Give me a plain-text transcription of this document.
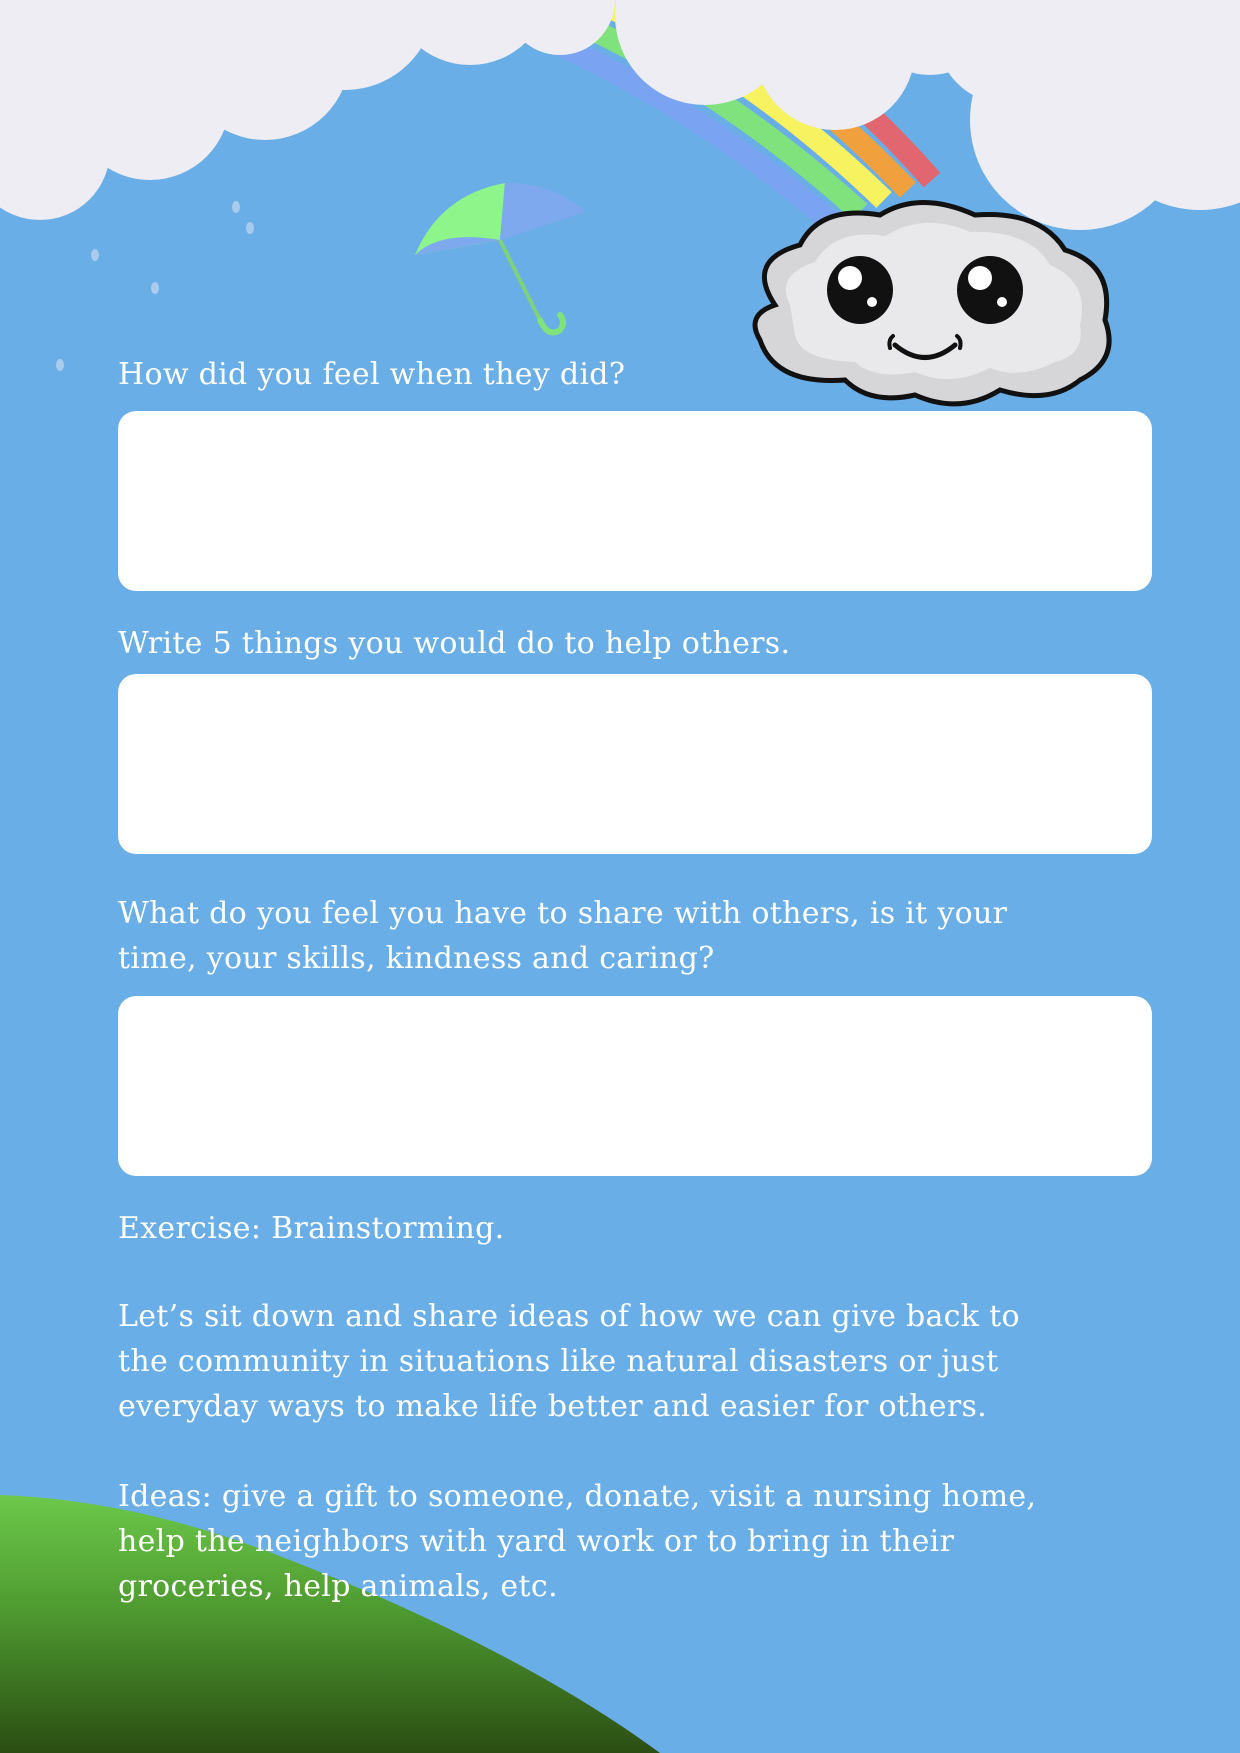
How did you feel when they did?

Write 5 things you would do to help others.

What do you feel you have to share with others, is it your
time, your skills, kindness and caring?

Exercise: Brainstorming.

Let’s sit down and share ideas of how we can give back to
the community in situations like natural disasters or just
everyday ways to make life better and easier for others.

Ideas: give a gift to someone, donate, visit a nursing home,
help the neighbors with yard work or to bring in their
groceries, help animals, etc.
